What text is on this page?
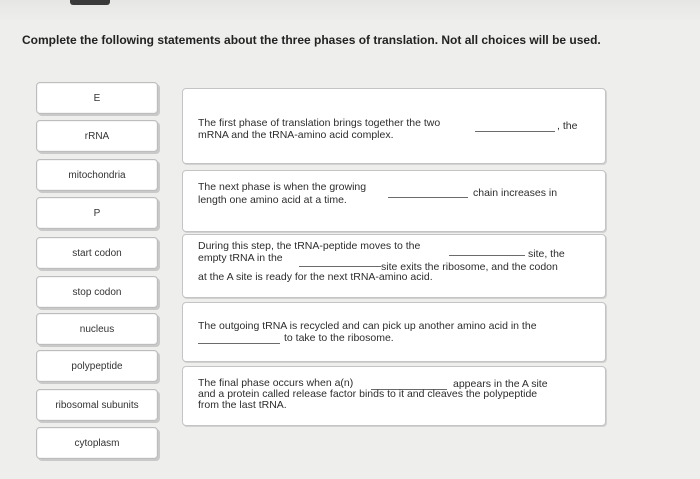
Complete the following statements about the three phases of translation. Not all choices will be used.
E
rRNA
mitochondria
P
start codon
stop codon
nucleus
polypeptide
ribosomal subunits
cytoplasm
The first phase of translation brings together the two	, the
mRNA and the tRNA-amino acid complex.
The next phase is when the growing	chain increases in
length one amino acid at a time.
During this step, the tRNA-peptide moves to the
site, the
empty tRNA in the
site exits the ribosome, and the codon
at the A site is ready for the next tRNA-amino acid.
The outgoing tRNA is recycled and can pick up another amino acid in the
to take to the ribosome.
The final phase occurs when a(n)	appears in the A site
and a protein called release factor binds to it and cleaves the polypeptide
from the last tRNA.
